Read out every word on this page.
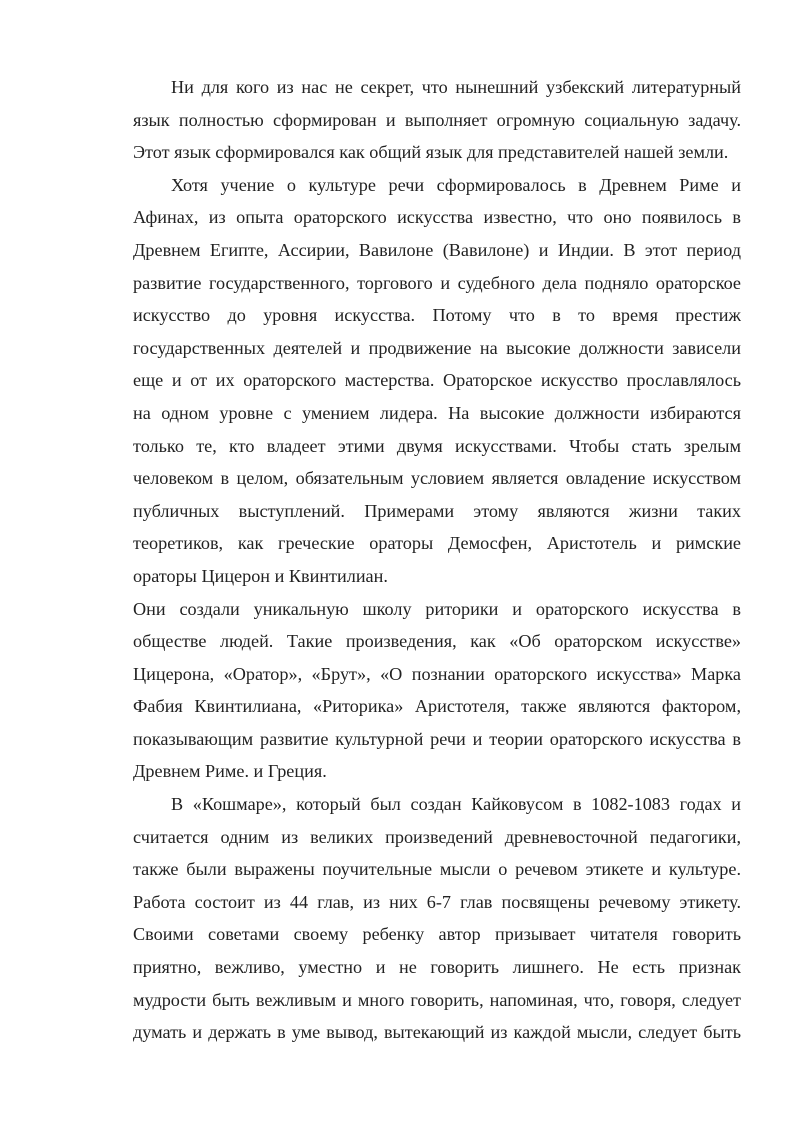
Ни для кого из нас не секрет, что нынешний узбекский литературный
язык полностью сформирован и выполняет огромную социальную задачу.
Этот язык сформировался как общий язык для представителей нашей земли.
Хотя учение о культуре речи сформировалось в Древнем Риме и
Афинах, из опыта ораторского искусства известно, что оно появилось в
Древнем Египте, Ассирии, Вавилоне (Вавилоне) и Индии. В этот период
развитие государственного, торгового и судебного дела подняло ораторское
искусство до уровня искусства. Потому что в то время престиж
государственных деятелей и продвижение на высокие должности зависели
еще и от их ораторского мастерства. Ораторское искусство прославлялось
на одном уровне с умением лидера. На высокие должности избираются
только те, кто владеет этими двумя искусствами. Чтобы стать зрелым
человеком в целом, обязательным условием является овладение искусством
публичных выступлений. Примерами этому являются жизни таких
теоретиков, как греческие ораторы Демосфен, Аристотель и римские
ораторы Цицерон и Квинтилиан.
Они создали уникальную школу риторики и ораторского искусства в
обществе людей. Такие произведения, как «Об ораторском искусстве»
Цицерона, «Оратор», «Брут», «О познании ораторского искусства» Марка
Фабия Квинтилиана, «Риторика» Аристотеля, также являются фактором,
показывающим развитие культурной речи и теории ораторского искусства в
Древнем Риме. и Греция.
В «Кошмаре», который был создан Кайковусом в 1082-1083 годах и
считается одним из великих произведений древневосточной педагогики,
также были выражены поучительные мысли о речевом этикете и культуре.
Работа состоит из 44 глав, из них 6-7 глав посвящены речевому этикету.
Своими советами своему ребенку автор призывает читателя говорить
приятно, вежливо, уместно и не говорить лишнего. Не есть признак
мудрости быть вежливым и много говорить, напоминая, что, говоря, следует
думать и держать в уме вывод, вытекающий из каждой мысли, следует быть
